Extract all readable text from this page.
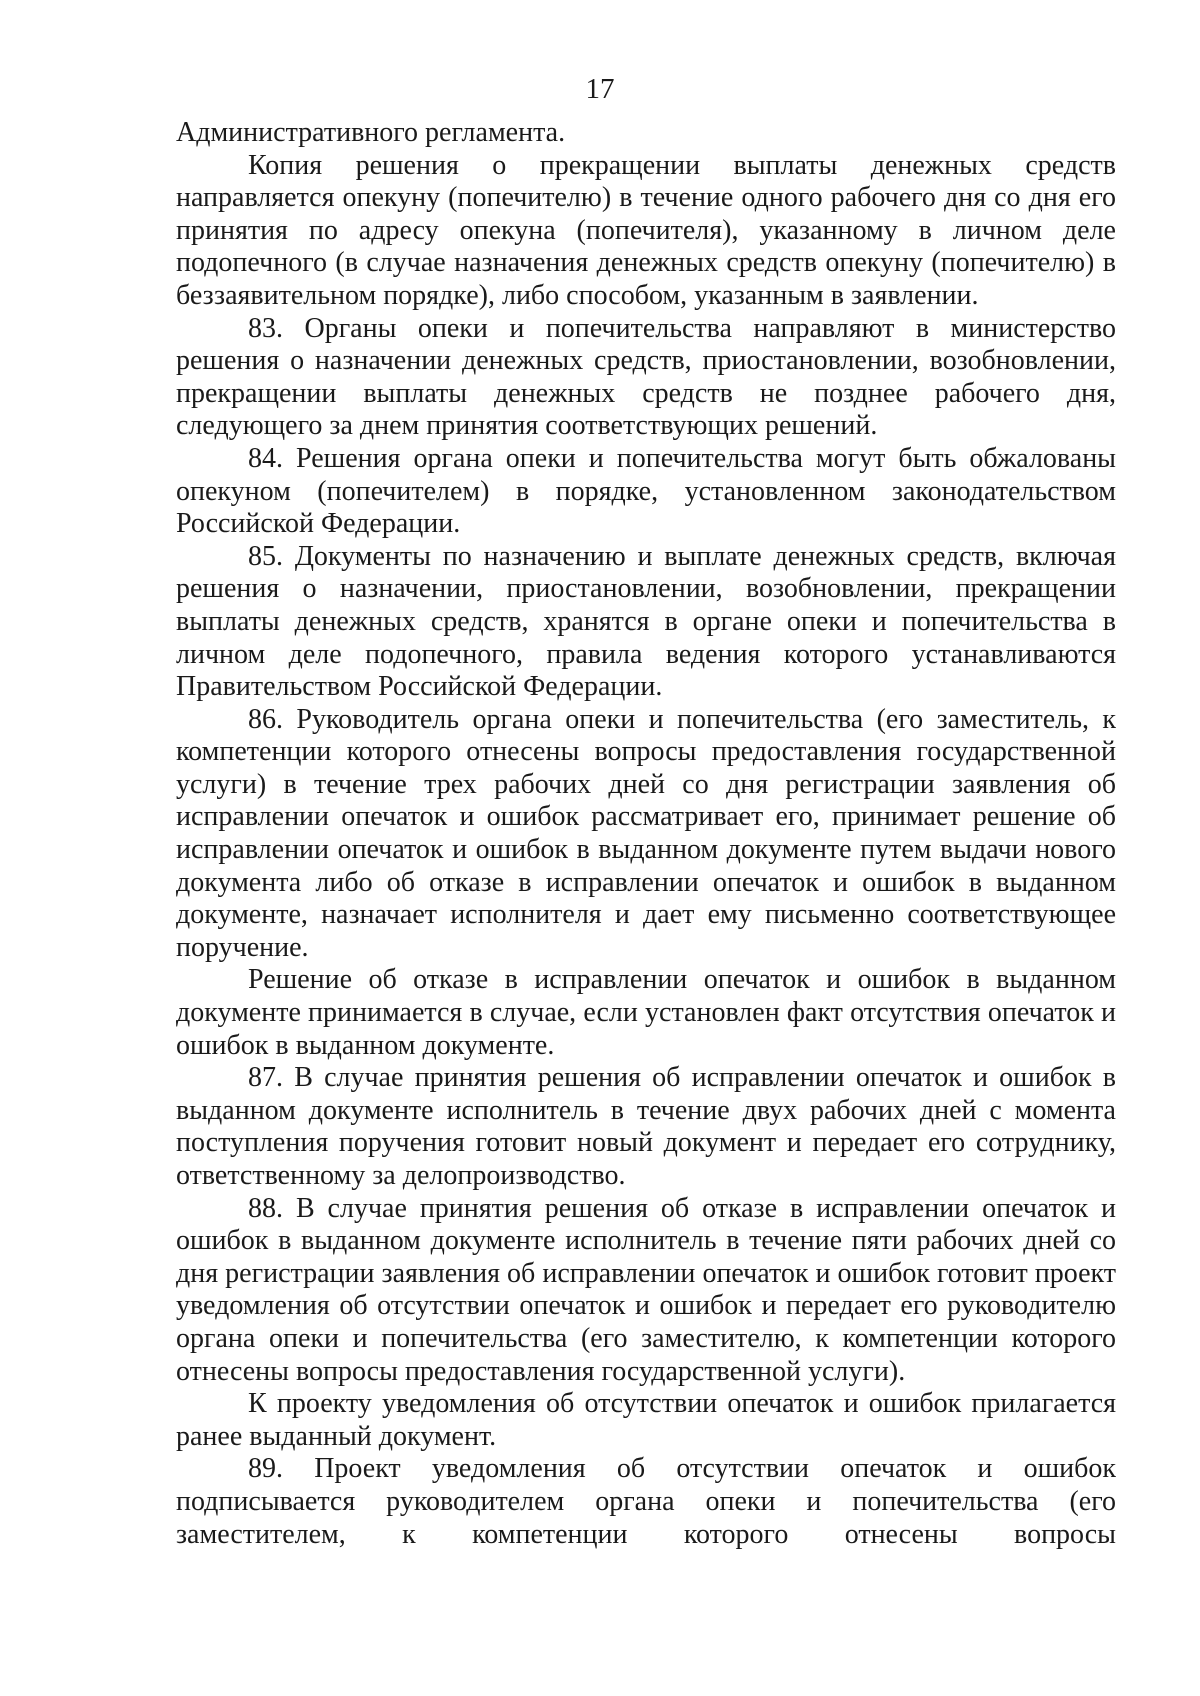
17

Административного регламента.

Копия решения о прекращении выплаты денежных средств направляется опекуну (попечителю) в течение одного рабочего дня со дня его принятия по адресу опекуна (попечителя), указанному в личном деле подопечного (в случае назначения денежных средств опекуну (попечителю) в беззаявительном порядке), либо способом, указанным в заявлении.

83. Органы опеки и попечительства направляют в министерство решения о назначении денежных средств, приостановлении, возобновлении, прекращении выплаты денежных средств не позднее рабочего дня, следующего за днем принятия соответствующих решений.

84. Решения органа опеки и попечительства могут быть обжалованы опекуном (попечителем) в порядке, установленном законодательством Российской Федерации.

85. Документы по назначению и выплате денежных средств, включая решения о назначении, приостановлении, возобновлении, прекращении выплаты денежных средств, хранятся в органе опеки и попечительства в личном деле подопечного, правила ведения которого устанавливаются Правительством Российской Федерации.

86. Руководитель органа опеки и попечительства (его заместитель, к компетенции которого отнесены вопросы предоставления государственной услуги) в течение трех рабочих дней со дня регистрации заявления об исправлении опечаток и ошибок рассматривает его, принимает решение об исправлении опечаток и ошибок в выданном документе путем выдачи нового документа либо об отказе в исправлении опечаток и ошибок в выданном документе, назначает исполнителя и дает ему письменно соответствующее поручение.

Решение об отказе в исправлении опечаток и ошибок в выданном документе принимается в случае, если установлен факт отсутствия опечаток и ошибок в выданном документе.

87. В случае принятия решения об исправлении опечаток и ошибок в выданном документе исполнитель в течение двух рабочих дней с момента поступления поручения готовит новый документ и передает его сотруднику, ответственному за делопроизводство.

88. В случае принятия решения об отказе в исправлении опечаток и ошибок в выданном документе исполнитель в течение пяти рабочих дней со дня регистрации заявления об исправлении опечаток и ошибок готовит проект уведомления об отсутствии опечаток и ошибок и передает его руководителю органа опеки и попечительства (его заместителю, к компетенции которого отнесены вопросы предоставления государственной услуги).

К проекту уведомления об отсутствии опечаток и ошибок прилагается ранее выданный документ.

89. Проект уведомления об отсутствии опечаток и ошибок подписывается руководителем органа опеки и попечительства (его заместителем, к компетенции которого отнесены вопросы
